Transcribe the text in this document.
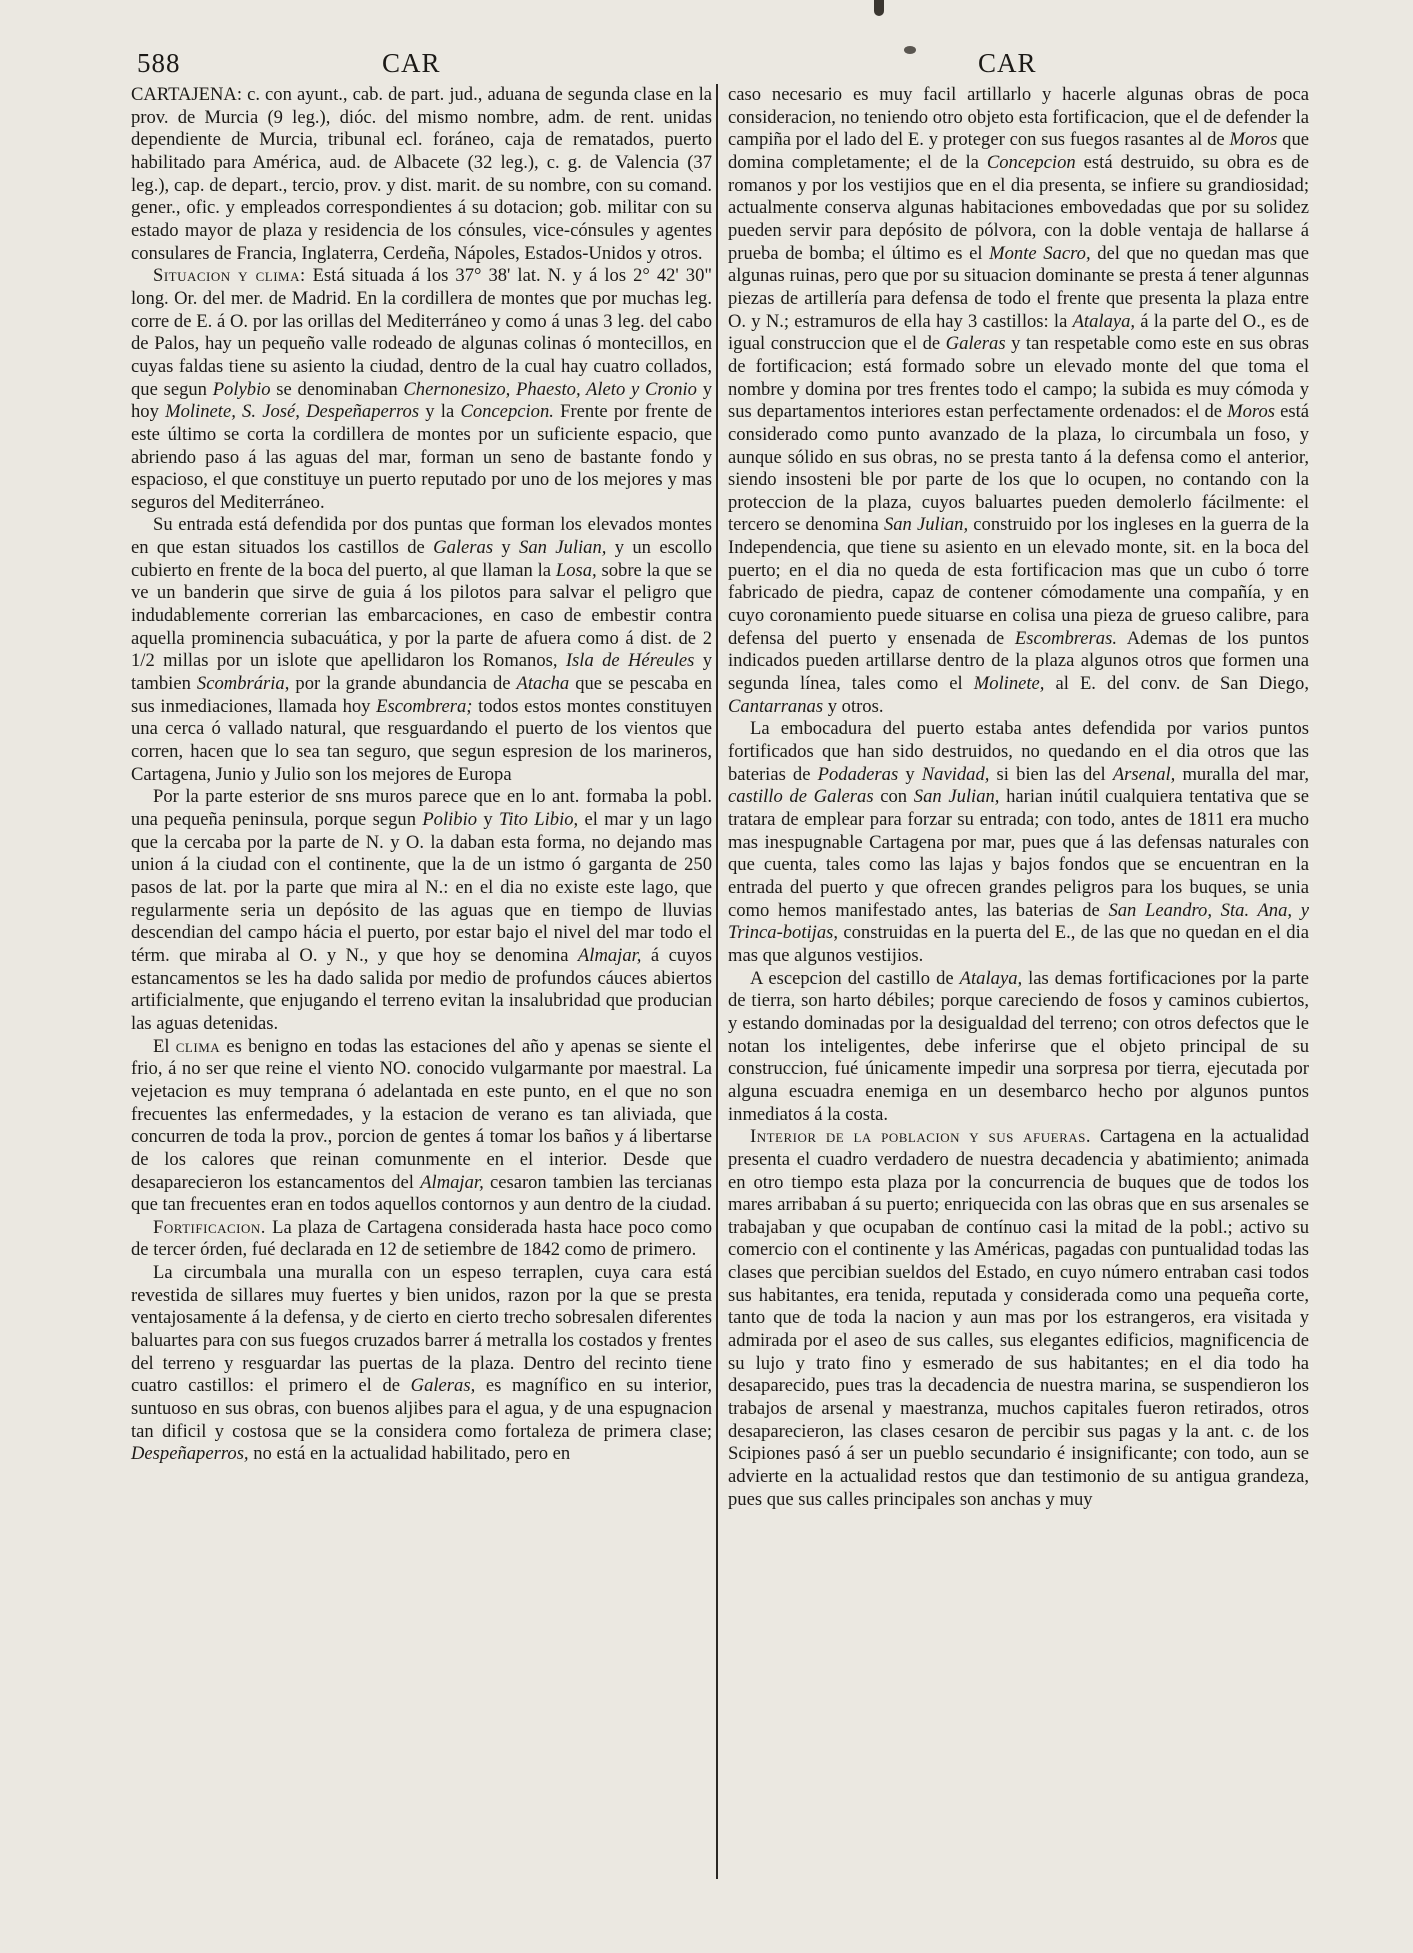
588	CAR	CAR

CARTAJENA: c. con ayunt., cab. de part. jud., aduana de segunda clase en la prov. de Murcia (9 leg.), dióc. del mismo nombre, adm. de rent. unidas dependiente de Murcia, tribunal ecl. foráneo, caja de rematados, puerto habilitado para América, aud. de Albacete (32 leg.), c. g. de Valencia (37 leg.), cap. de depart., tercio, prov. y dist. marit. de su nombre, con su comand. gener., ofic. y empleados correspondientes á su dotacion; gob. militar con su estado mayor de plaza y residencia de los cónsules, vice-cónsules y agentes consulares de Francia, Inglaterra, Cerdeña, Nápoles, Estados-Unidos y otros.

Situacion y clima: Está situada á los 37° 38' lat. N. y á los 2° 42' 30" long. Or. del mer. de Madrid. En la cordillera de montes que por muchas leg. corre de E. á O. por las orillas del Mediterráneo y como á unas 3 leg. del cabo de Palos, hay un pequeño valle rodeado de algunas colinas ó montecillos, en cuyas faldas tiene su asiento la ciudad, dentro de la cual hay cuatro collados, que segun Polybio se denominaban Chernonesizo, Phaesto, Aleto y Cronio y hoy Molinete, S. José, Despeñaperros y la Concepcion. Frente por frente de este último se corta la cordillera de montes por un suficiente espacio, que abriendo paso á las aguas del mar, forman un seno de bastante fondo y espacioso, el que constituye un puerto reputado por uno de los mejores y mas seguros del Mediterráneo.

Su entrada está defendida por dos puntas que forman los elevados montes en que estan situados los castillos de Galeras y San Julian, y un escollo cubierto en frente de la boca del puerto, al que llaman la Losa, sobre la que se ve un banderin que sirve de guia á los pilotos para salvar el peligro que indudablemente correrian las embarcaciones, en caso de embestir contra aquella prominencia subacuática, y por la parte de afuera como á dist. de 2 1/2 millas por un islote que apellidaron los Romanos, Isla de Héreules y tambien Scombrária, por la grande abundancia de Atacha que se pescaba en sus inmediaciones, llamada hoy Escombrera; todos estos montes constituyen una cerca ó vallado natural, que resguardando el puerto de los vientos que corren, hacen que lo sea tan seguro, que segun espresion de los marineros, Cartagena, Junio y Julio son los mejores de Europa

Por la parte esterior de sns muros parece que en lo ant. formaba la pobl. una pequeña peninsula, porque segun Polibio y Tito Libio, el mar y un lago que la cercaba por la parte de N. y O. la daban esta forma, no dejando mas union á la ciudad con el continente, que la de un istmo ó garganta de 250 pasos de lat. por la parte que mira al N.: en el dia no existe este lago, que regularmente seria un depósito de las aguas que en tiempo de lluvias descendian del campo hácia el puerto, por estar bajo el nivel del mar todo el térm. que miraba al O. y N., y que hoy se denomina Almajar, á cuyos estancamentos se les ha dado salida por medio de profundos cáuces abiertos artificialmente, que enjugando el terreno evitan la insalubridad que producian las aguas detenidas.

El clima es benigno en todas las estaciones del año y apenas se siente el frio, á no ser que reine el viento NO. conocido vulgarmante por maestral. La vejetacion es muy temprana ó adelantada en este punto, en el que no son frecuentes las enfermedades, y la estacion de verano es tan aliviada, que concurren de toda la prov., porcion de gentes á tomar los baños y á libertarse de los calores que reinan comunmente en el interior. Desde que desaparecieron los estancamentos del Almajar, cesaron tambien las tercianas que tan frecuentes eran en todos aquellos contornos y aun dentro de la ciudad.

Fortificacion. La plaza de Cartagena considerada hasta hace poco como de tercer órden, fué declarada en 12 de setiembre de 1842 como de primero.

La circumbala una muralla con un espeso terraplen, cuya cara está revestida de sillares muy fuertes y bien unidos, razon por la que se presta ventajosamente á la defensa, y de cierto en cierto trecho sobresalen diferentes baluartes para con sus fuegos cruzados barrer á metralla los costados y frentes del terreno y resguardar las puertas de la plaza. Dentro del recinto tiene cuatro castillos: el primero el de Galeras, es magnífico en su interior, suntuoso en sus obras, con buenos aljibes para el agua, y de una espugnacion tan dificil y costosa que se la considera como fortaleza de primera clase; Despeñaperros, no está en la actualidad habilitado, pero en

caso necesario es muy facil artillarlo y hacerle algunas obras de poca consideracion, no teniendo otro objeto esta fortificacion, que el de defender la campiña por el lado del E. y proteger con sus fuegos rasantes al de Moros que domina completamente; el de la Concepcion está destruido, su obra es de romanos y por los vestijios que en el dia presenta, se infiere su grandiosidad; actualmente conserva algunas habitaciones embovedadas que por su solidez pueden servir para depósito de pólvora, con la doble ventaja de hallarse á prueba de bomba; el último es el Monte Sacro, del que no quedan mas que algunas ruinas, pero que por su situacion dominante se presta á tener algunnas piezas de artillería para defensa de todo el frente que presenta la plaza entre O. y N.; estramuros de ella hay 3 castillos: la Atalaya, á la parte del O., es de igual construccion que el de Galeras y tan respetable como este en sus obras de fortificacion; está formado sobre un elevado monte del que toma el nombre y domina por tres frentes todo el campo; la subida es muy cómoda y sus departamentos interiores estan perfectamente ordenados: el de Moros está considerado como punto avanzado de la plaza, lo circumbala un foso, y aunque sólido en sus obras, no se presta tanto á la defensa como el anterior, siendo insosteni ble por parte de los que lo ocupen, no contando con la proteccion de la plaza, cuyos baluartes pueden demolerlo fácilmente: el tercero se denomina San Julian, construido por los ingleses en la guerra de la Independencia, que tiene su asiento en un elevado monte, sit. en la boca del puerto; en el dia no queda de esta fortificacion mas que un cubo ó torre fabricado de piedra, capaz de contener cómodamente una compañía, y en cuyo coronamiento puede situarse en colisa una pieza de grueso calibre, para defensa del puerto y ensenada de Escombreras. Ademas de los puntos indicados pueden artillarse dentro de la plaza algunos otros que formen una segunda línea, tales como el Molinete, al E. del conv. de San Diego, Cantarranas y otros.

La embocadura del puerto estaba antes defendida por varios puntos fortificados que han sido destruidos, no quedando en el dia otros que las baterias de Podaderas y Navidad, si bien las del Arsenal, muralla del mar, castillo de Galeras con San Julian, harian inútil cualquiera tentativa que se tratara de emplear para forzar su entrada; con todo, antes de 1811 era mucho mas inespugnable Cartagena por mar, pues que á las defensas naturales con que cuenta, tales como las lajas y bajos fondos que se encuentran en la entrada del puerto y que ofrecen grandes peligros para los buques, se unia como hemos manifestado antes, las baterias de San Leandro, Sta. Ana, y Trinca-botijas, construidas en la puerta del E., de las que no quedan en el dia mas que algunos vestijios.

A escepcion del castillo de Atalaya, las demas fortificaciones por la parte de tierra, son harto débiles; porque careciendo de fosos y caminos cubiertos, y estando dominadas por la desigualdad del terreno; con otros defectos que le notan los inteligentes, debe inferirse que el objeto principal de su construccion, fué únicamente impedir una sorpresa por tierra, ejecutada por alguna escuadra enemiga en un desembarco hecho por algunos puntos inmediatos á la costa.

Interior de la poblacion y sus afueras. Cartagena en la actualidad presenta el cuadro verdadero de nuestra decadencia y abatimiento; animada en otro tiempo esta plaza por la concurrencia de buques que de todos los mares arribaban á su puerto; enriquecida con las obras que en sus arsenales se trabajaban y que ocupaban de contínuo casi la mitad de la pobl.; activo su comercio con el continente y las Américas, pagadas con puntualidad todas las clases que percibian sueldos del Estado, en cuyo número entraban casi todos sus habitantes, era tenida, reputada y considerada como una pequeña corte, tanto que de toda la nacion y aun mas por los estrangeros, era visitada y admirada por el aseo de sus calles, sus elegantes edificios, magnificencia de su lujo y trato fino y esmerado de sus habitantes; en el dia todo ha desaparecido, pues tras la decadencia de nuestra marina, se suspendieron los trabajos de arsenal y maestranza, muchos capitales fueron retirados, otros desaparecieron, las clases cesaron de percibir sus pagas y la ant. c. de los Scipiones pasó á ser un pueblo secundario é insignificante; con todo, aun se advierte en la actualidad restos que dan testimonio de su antigua grandeza, pues que sus calles principales son anchas y muy
